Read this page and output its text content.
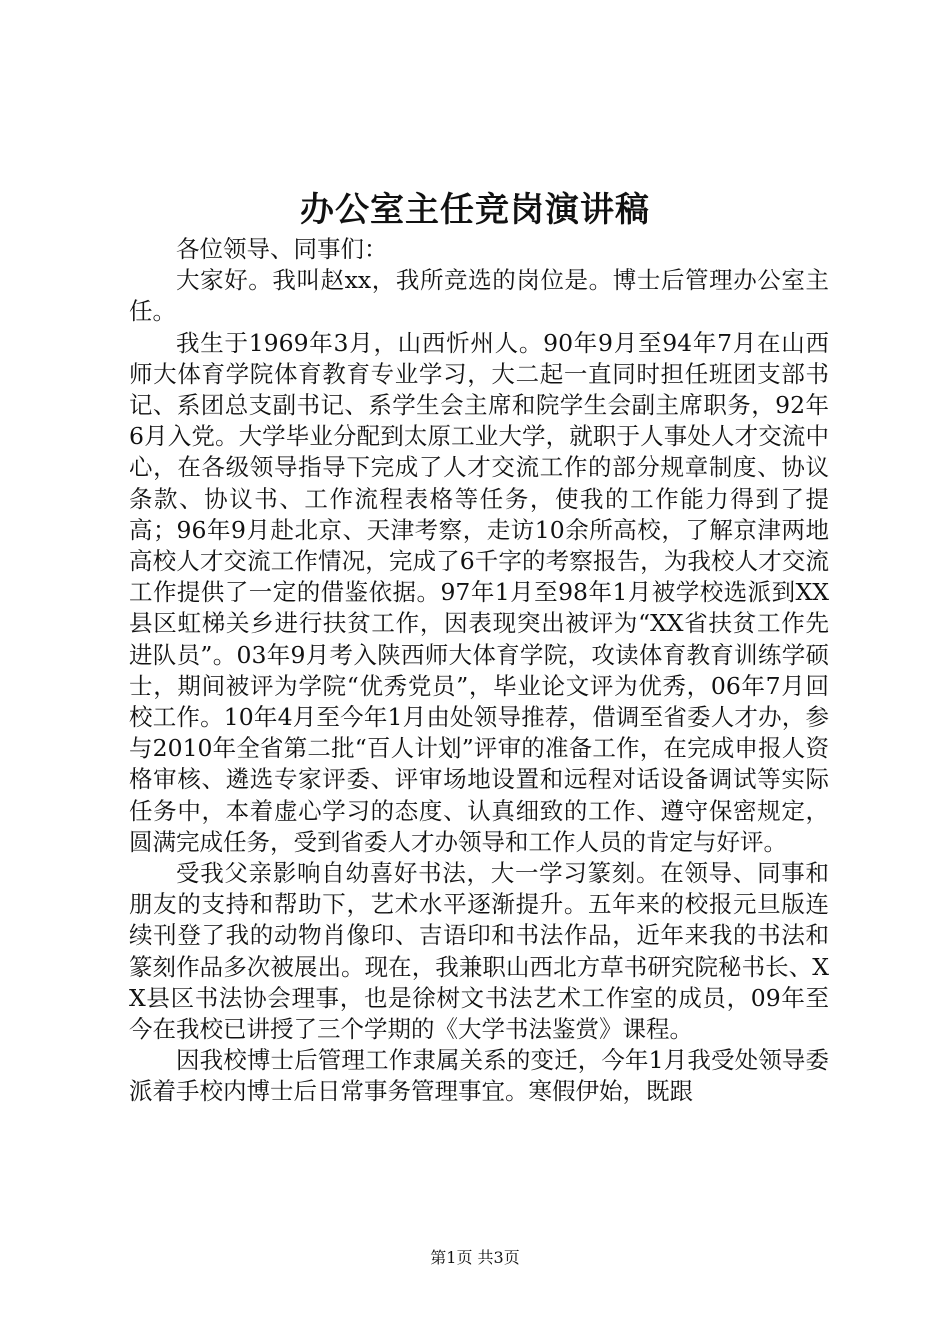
办公室主任竞岗演讲稿

各位领导、同事们：

大家好。我叫赵xx，我所竞选的岗位是。博士后管理办公室主任。

我生于1969年3月，山西忻州人。90年9月至94年7月在山西师大体育学院体育教育专业学习，大二起一直同时担任班团支部书记、系团总支副书记、系学生会主席和院学生会副主席职务，92年6月入党。大学毕业分配到太原工业大学，就职于人事处人才交流中心，在各级领导指导下完成了人才交流工作的部分规章制度、协议条款、协议书、工作流程表格等任务，使我的工作能力得到了提高；96年9月赴北京、天津考察，走访10余所高校，了解京津两地高校人才交流工作情况，完成了6千字的考察报告，为我校人才交流工作提供了一定的借鉴依据。97年1月至98年1月被学校选派到XX县区虹梯关乡进行扶贫工作，因表现突出被评为“XX省扶贫工作先进队员”。03年9月考入陕西师大体育学院，攻读体育教育训练学硕士，期间被评为学院“优秀党员”，毕业论文评为优秀，06年7月回校工作。10年4月至今年1月由处领导推荐，借调至省委人才办，参与2010年全省第二批“百人计划”评审的准备工作，在完成申报人资格审核、遴选专家评委、评审场地设置和远程对话设备调试等实际任务中，本着虚心学习的态度、认真细致的工作、遵守保密规定，圆满完成任务，受到省委人才办领导和工作人员的肯定与好评。

受我父亲影响自幼喜好书法，大一学习篆刻。在领导、同事和朋友的支持和帮助下，艺术水平逐渐提升。五年来的校报元旦版连续刊登了我的动物肖像印、吉语印和书法作品，近年来我的书法和篆刻作品多次被展出。现在，我兼职山西北方草书研究院秘书长、XX县区书法协会理事，也是徐树文书法艺术工作室的成员，09年至今在我校已讲授了三个学期的《大学书法鉴赏》课程。

因我校博士后管理工作隶属关系的变迁，今年1月我受处领导委派着手校内博士后日常事务管理事宜。寒假伊始，既跟

第1页 共3页
